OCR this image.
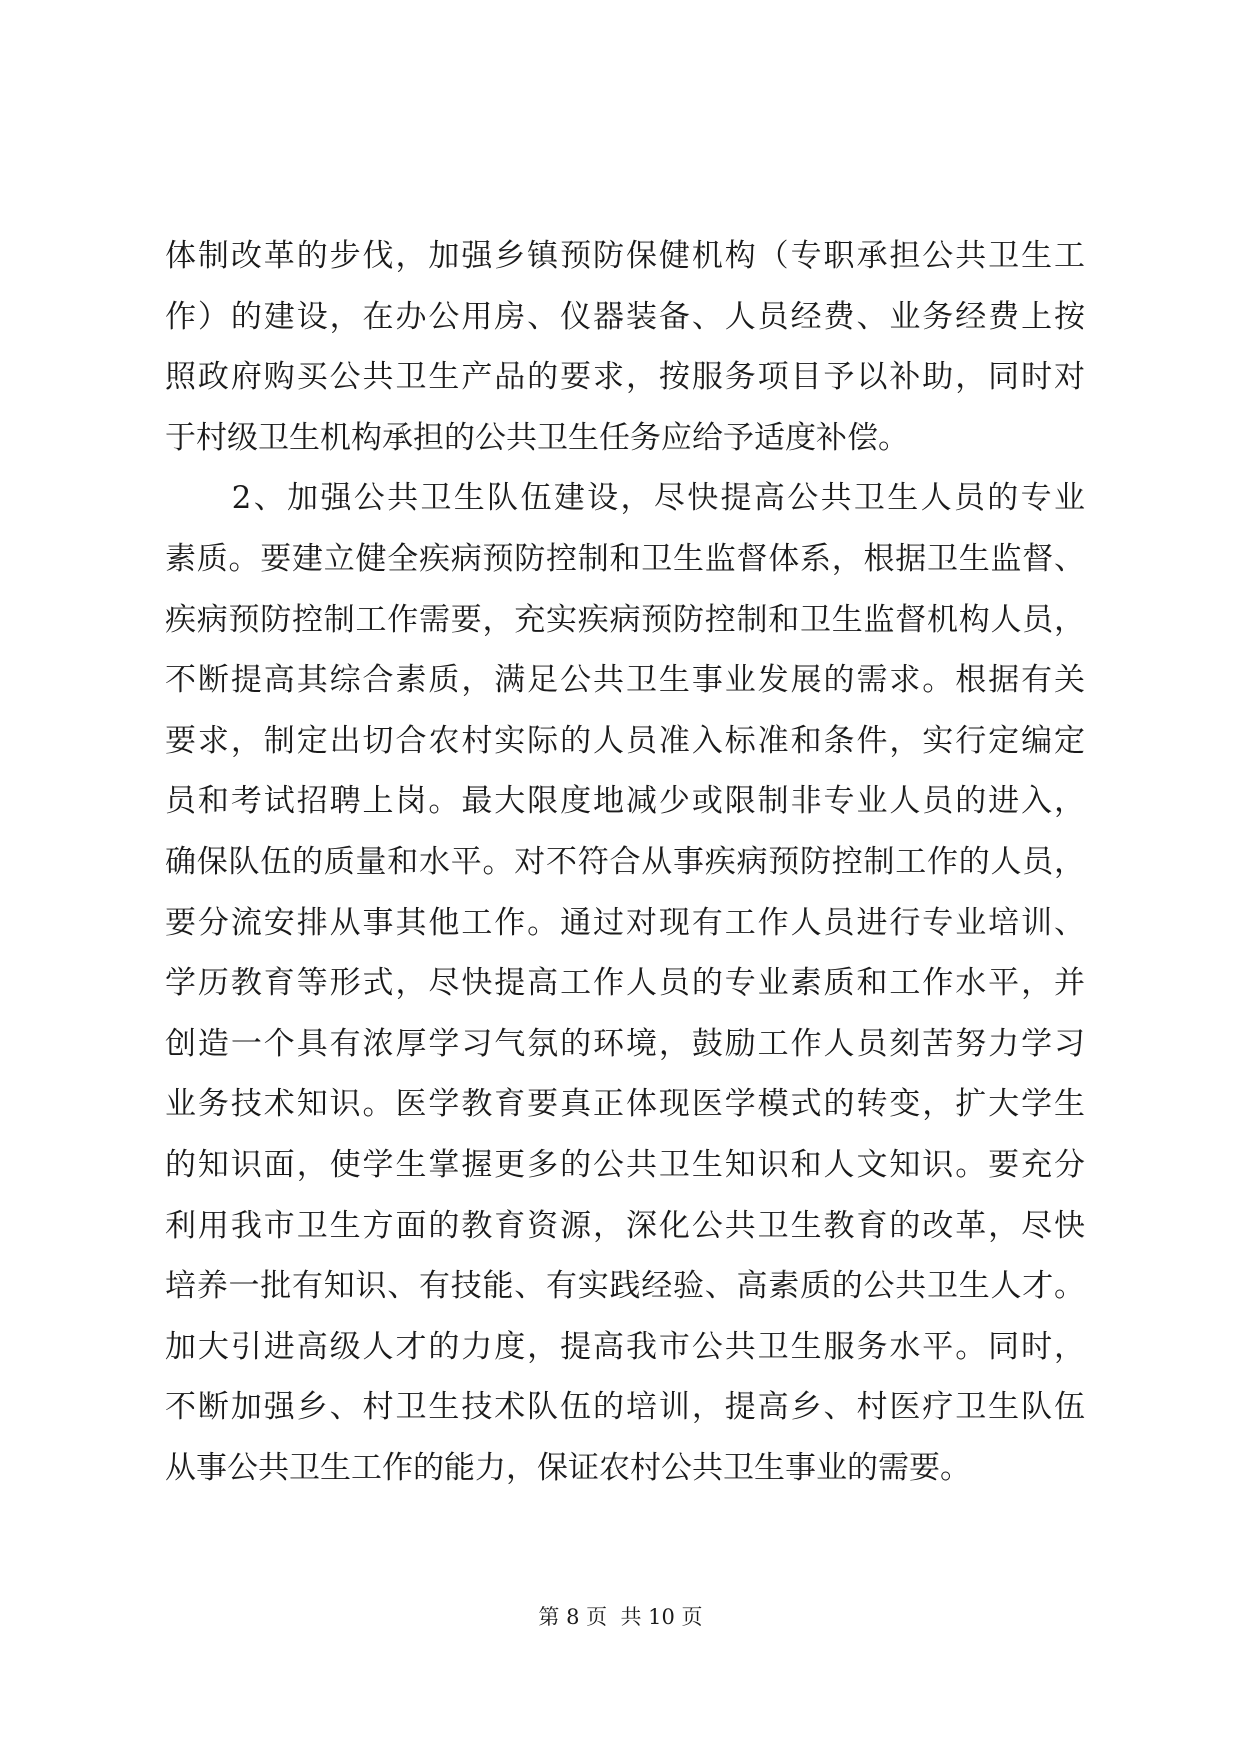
体制改革的步伐，加强乡镇预防保健机构（专职承担公共卫生工
作）的建设，在办公用房、仪器装备、人员经费、业务经费上按
照政府购买公共卫生产品的要求，按服务项目予以补助，同时对
于村级卫生机构承担的公共卫生任务应给予适度补偿。
　　2、加强公共卫生队伍建设，尽快提高公共卫生人员的专业
素质。要建立健全疾病预防控制和卫生监督体系，根据卫生监督、
疾病预防控制工作需要，充实疾病预防控制和卫生监督机构人员，
不断提高其综合素质，满足公共卫生事业发展的需求。根据有关
要求，制定出切合农村实际的人员准入标准和条件，实行定编定
员和考试招聘上岗。最大限度地减少或限制非专业人员的进入，
确保队伍的质量和水平。对不符合从事疾病预防控制工作的人员，
要分流安排从事其他工作。通过对现有工作人员进行专业培训、
学历教育等形式，尽快提高工作人员的专业素质和工作水平，并
创造一个具有浓厚学习气氛的环境，鼓励工作人员刻苦努力学习
业务技术知识。医学教育要真正体现医学模式的转变，扩大学生
的知识面，使学生掌握更多的公共卫生知识和人文知识。要充分
利用我市卫生方面的教育资源，深化公共卫生教育的改革，尽快
培养一批有知识、有技能、有实践经验、高素质的公共卫生人才。
加大引进高级人才的力度，提高我市公共卫生服务水平。同时，
不断加强乡、村卫生技术队伍的培训，提高乡、村医疗卫生队伍
从事公共卫生工作的能力，保证农村公共卫生事业的需要。
第 8 页  共 10 页
